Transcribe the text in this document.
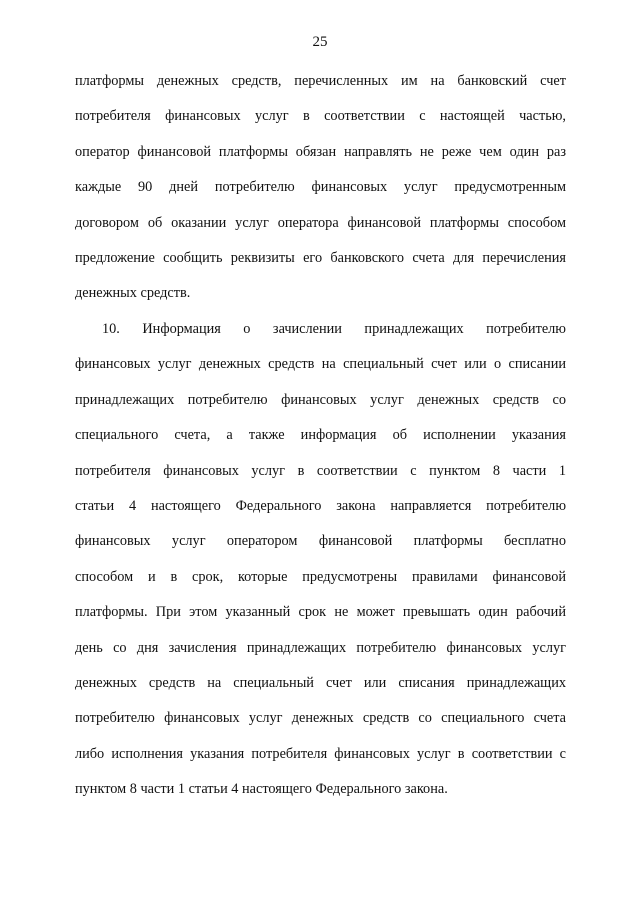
25
платформы денежных средств, перечисленных им на банковский счет
потребителя финансовых услуг в соответствии с настоящей частью,
оператор финансовой платформы обязан направлять не реже чем один раз
каждые 90 дней потребителю финансовых услуг предусмотренным
договором об оказании услуг оператора финансовой платформы способом
предложение сообщить реквизиты его банковского счета для перечисления
денежных средств.
10. Информация о зачислении принадлежащих потребителю
финансовых услуг денежных средств на специальный счет или о списании
принадлежащих потребителю финансовых услуг денежных средств со
специального счета, а также информация об исполнении указания
потребителя финансовых услуг в соответствии с пунктом 8 части 1
статьи 4 настоящего Федерального закона направляется потребителю
финансовых услуг оператором финансовой платформы бесплатно
способом и в срок, которые предусмотрены правилами финансовой
платформы. При этом указанный срок не может превышать один рабочий
день со дня зачисления принадлежащих потребителю финансовых услуг
денежных средств на специальный счет или списания принадлежащих
потребителю финансовых услуг денежных средств со специального счета
либо исполнения указания потребителя финансовых услуг в соответствии с
пунктом 8 части 1 статьи 4 настоящего Федерального закона.
